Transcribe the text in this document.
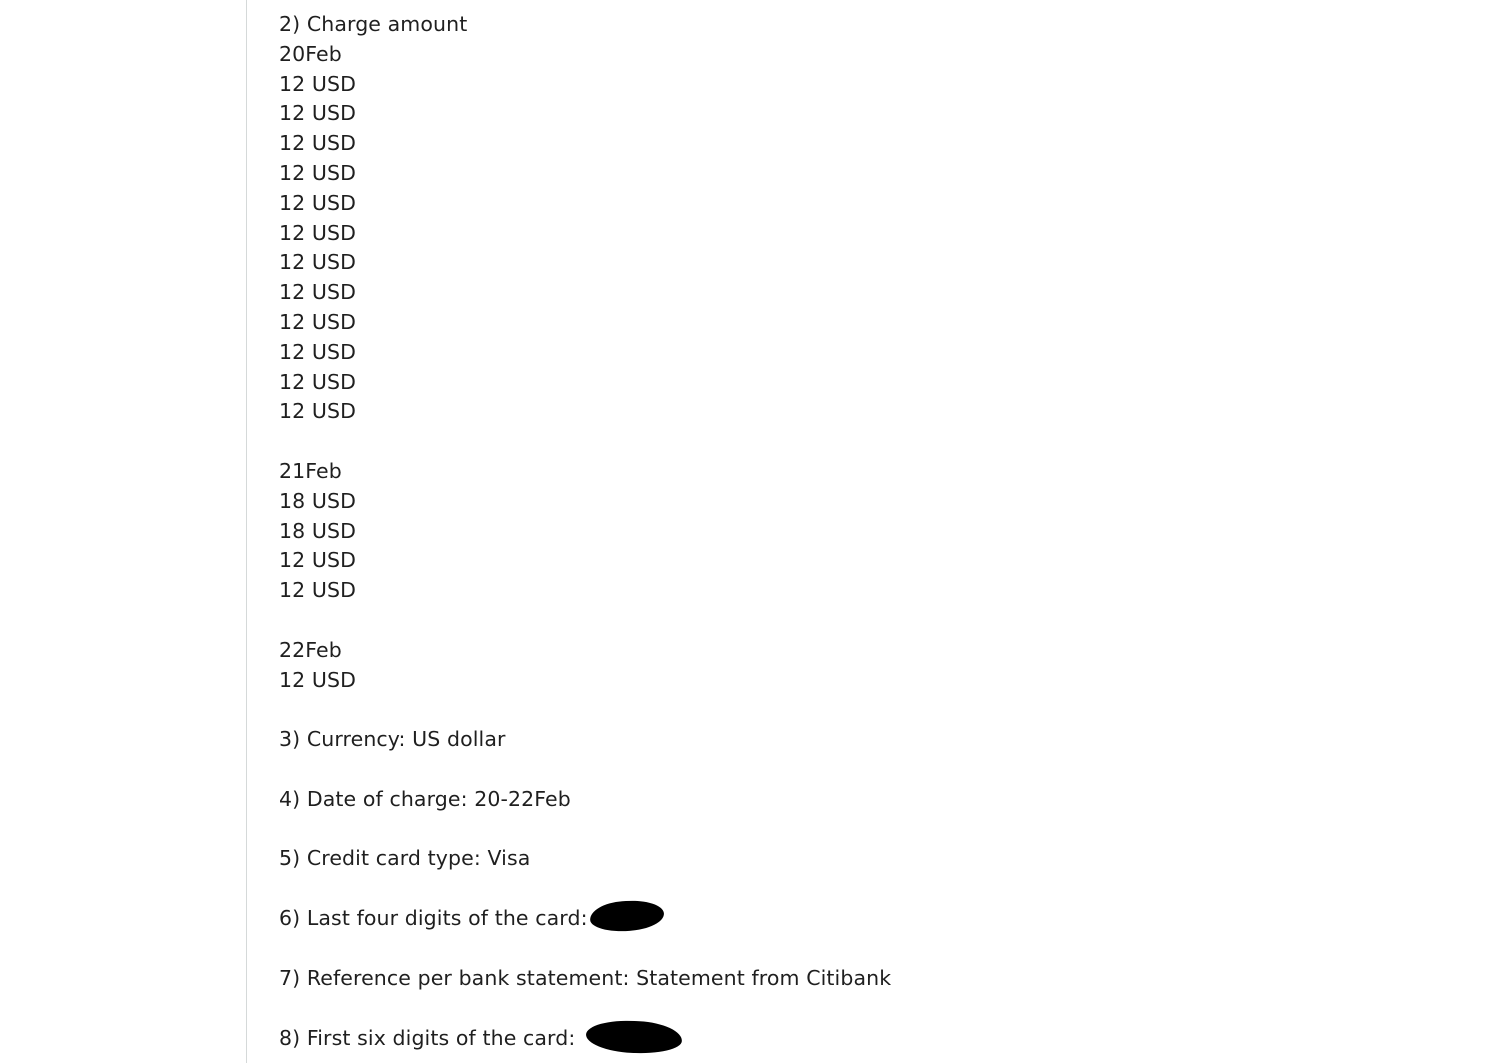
2) Charge amount
20Feb
12 USD
12 USD
12 USD
12 USD
12 USD
12 USD
12 USD
12 USD
12 USD
12 USD
12 USD
12 USD
21Feb
18 USD
18 USD
12 USD
12 USD
22Feb
12 USD
3) Currency: US dollar
4) Date of charge: 20-22Feb
5) Credit card type: Visa
6) Last four digits of the card:
7) Reference per bank statement: Statement from Citibank
8) First six digits of the card:
